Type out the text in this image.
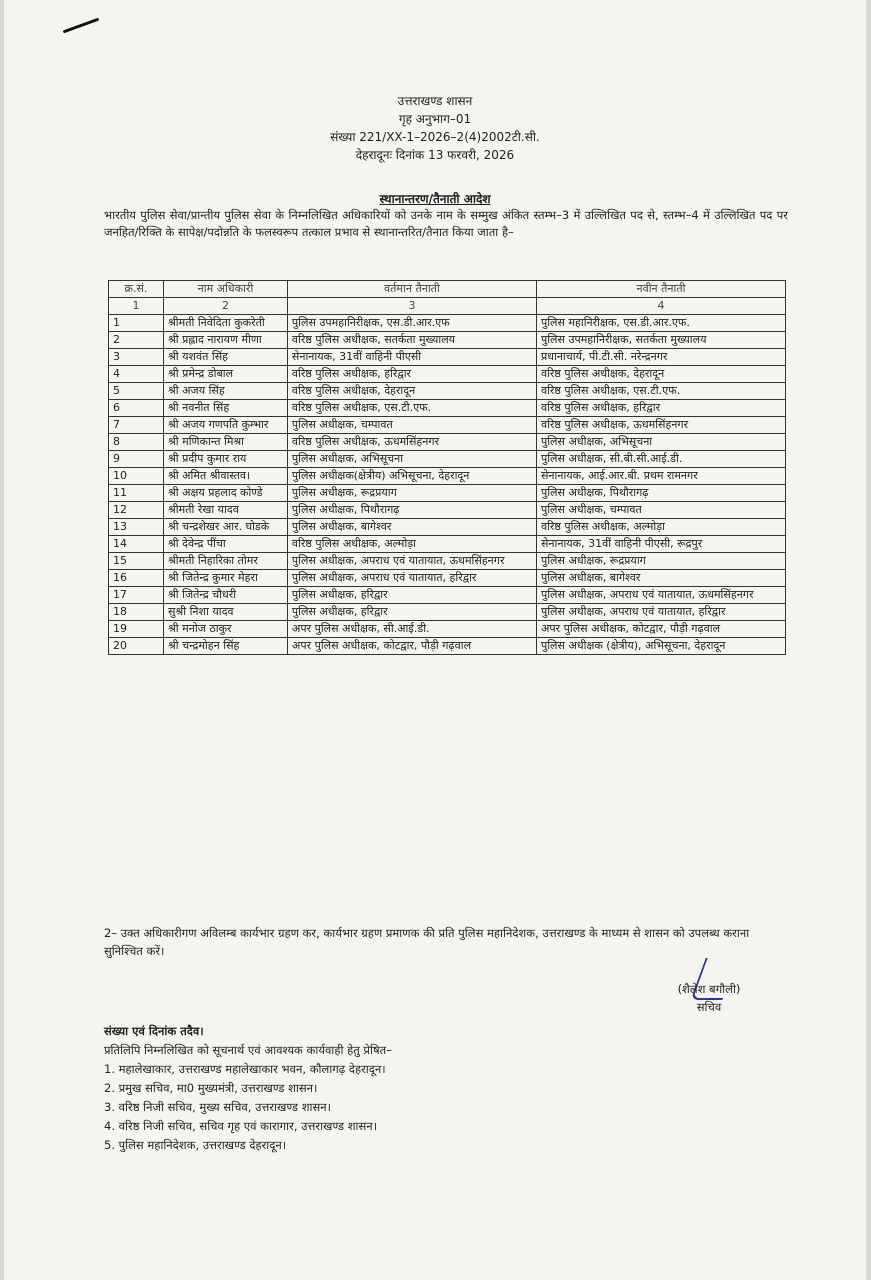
उत्तराखण्ड शासन
गृह अनुभाग–01
संख्या 221/XX-1–2026–2(4)2002टी.सी.
देहरादूनः दिनांक 13 फरवरी, 2026
स्थानान्तरण/तैनाती आदेश
भारतीय पुलिस सेवा/प्रान्तीय पुलिस सेवा के निम्नलिखित अधिकारियों को उनके नाम के सम्मुख अंकित स्तम्भ–3 में उल्लिखित पद से, स्तम्भ–4 में उल्लिखित पद पर जनहित/रिक्ति के सापेक्ष/पदोन्नति के फलस्वरूप तत्काल प्रभाव से स्थानान्तरित/तैनात किया जाता है–
क्र.सं.	नाम अधिकारी	वर्तमान तैनाती	नवीन तैनाती
1	2	3	4
1	श्रीमती निवेदिता कुकरेती	पुलिस उपमहानिरीक्षक, एस.डी.आर.एफ	पुलिस महानिरीक्षक, एस.डी.आर.एफ.
2	श्री प्रह्लाद नारायण मीणा	वरिष्ठ पुलिस अधीक्षक, सतर्कता मुख्यालय	पुलिस उपमहानिरीक्षक, सतर्कता मुख्यालय
3	श्री यशवंत सिंह	सेनानायक, 31वीं वाहिनी पीएसी	प्रधानाचार्य, पी.टी.सी. नरेन्द्रनगर
4	श्री प्रमेन्द्र डोबाल	वरिष्ठ पुलिस अधीक्षक, हरिद्वार	वरिष्ठ पुलिस अधीक्षक, देहरादून
5	श्री अजय सिंह	वरिष्ठ पुलिस अधीक्षक, देहरादून	वरिष्ठ पुलिस अधीक्षक, एस.टी.एफ.
6	श्री नवनीत सिंह	वरिष्ठ पुलिस अधीक्षक, एस.टी.एफ.	वरिष्ठ पुलिस अधीक्षक, हरिद्वार
7	श्री अजय गणपति कुम्भार	पुलिस अधीक्षक, चम्पावत	वरिष्ठ पुलिस अधीक्षक, ऊधमसिंहनगर
8	श्री मणिकान्त मिश्रा	वरिष्ठ पुलिस अधीक्षक, ऊधमसिंहनगर	पुलिस अधीक्षक, अभिसूचना
9	श्री प्रदीप कुमार राय	पुलिस अधीक्षक, अभिसूचना	पुलिस अधीक्षक, सी.बी.सी.आई.डी.
10	श्री अमित श्रीवास्तव।	पुलिस अधीक्षक(क्षेत्रीय) अभिसूचना, देहरादून	सेनानायक, आई.आर.बी. प्रथम रामनगर
11	श्री अक्षय प्रहलाद कोण्डे	पुलिस अधीक्षक, रूद्रप्रयाग	पुलिस अधीक्षक, पिथौरागढ़
12	श्रीमती रेखा यादव	पुलिस अधीक्षक, पिथौरागढ़	पुलिस अधीक्षक, चम्पावत
13	श्री चन्द्रशेखर आर. घोडके	पुलिस अधीक्षक, बागेश्वर	वरिष्ठ पुलिस अधीक्षक, अल्मोड़ा
14	श्री देवेन्द्र पींचा	वरिष्ठ पुलिस अधीक्षक, अल्मोड़ा	सेनानायक, 31वीं वाहिनी पीएसी, रूद्रपुर
15	श्रीमती निहारिका तोमर	पुलिस अधीक्षक, अपराध एवं यातायात, ऊधमसिंहनगर	पुलिस अधीक्षक, रूद्रप्रयाग
16	श्री जितेन्द्र कुमार मेहरा	पुलिस अधीक्षक, अपराध एवं यातायात, हरिद्वार	पुलिस अधीक्षक, बागेश्वर
17	श्री जितेन्द्र चौधरी	पुलिस अधीक्षक, हरिद्वार	पुलिस अधीक्षक, अपराध एवं यातायात, ऊधमसिंहनगर
18	सुश्री निशा यादव	पुलिस अधीक्षक, हरिद्वार	पुलिस अधीक्षक, अपराध एवं यातायात, हरिद्वार
19	श्री मनोज ठाकुर	अपर पुलिस अधीक्षक, सी.आई.डी.	अपर पुलिस अधीक्षक, कोटद्वार, पौड़ी गढ़वाल
20	श्री चन्द्रमोहन सिंह	अपर पुलिस अधीक्षक, कोटद्वार, पौड़ी गढ़वाल	पुलिस अधीक्षक (क्षेत्रीय), अभिसूचना, देहरादून
2– उक्त अधिकारीगण अविलम्ब कार्यभार ग्रहण कर, कार्यभार ग्रहण प्रमाणक की प्रति पुलिस महानिदेशक, उत्तराखण्ड के माध्यम से शासन को उपलब्ध कराना सुनिश्चित करें।
(शैलेश बगौली)
सचिव
संख्या एवं दिनांक तदैव।
प्रतिलिपि निम्नलिखित को सूचनार्थ एवं आवश्यक कार्यवाही हेतु प्रेषित–
1. महालेखाकार, उत्तराखण्ड महालेखाकार भवन, कौलागढ़ देहरादून।
2. प्रमुख सचिव, मा0 मुख्यमंत्री, उत्तराखण्ड शासन।
3. वरिष्ठ निजी सचिव, मुख्य सचिव, उत्तराखण्ड शासन।
4. वरिष्ठ निजी सचिव, सचिव गृह एवं कारागार, उत्तराखण्ड शासन।
5. पुलिस महानिदेशक, उत्तराखण्ड देहरादून।
